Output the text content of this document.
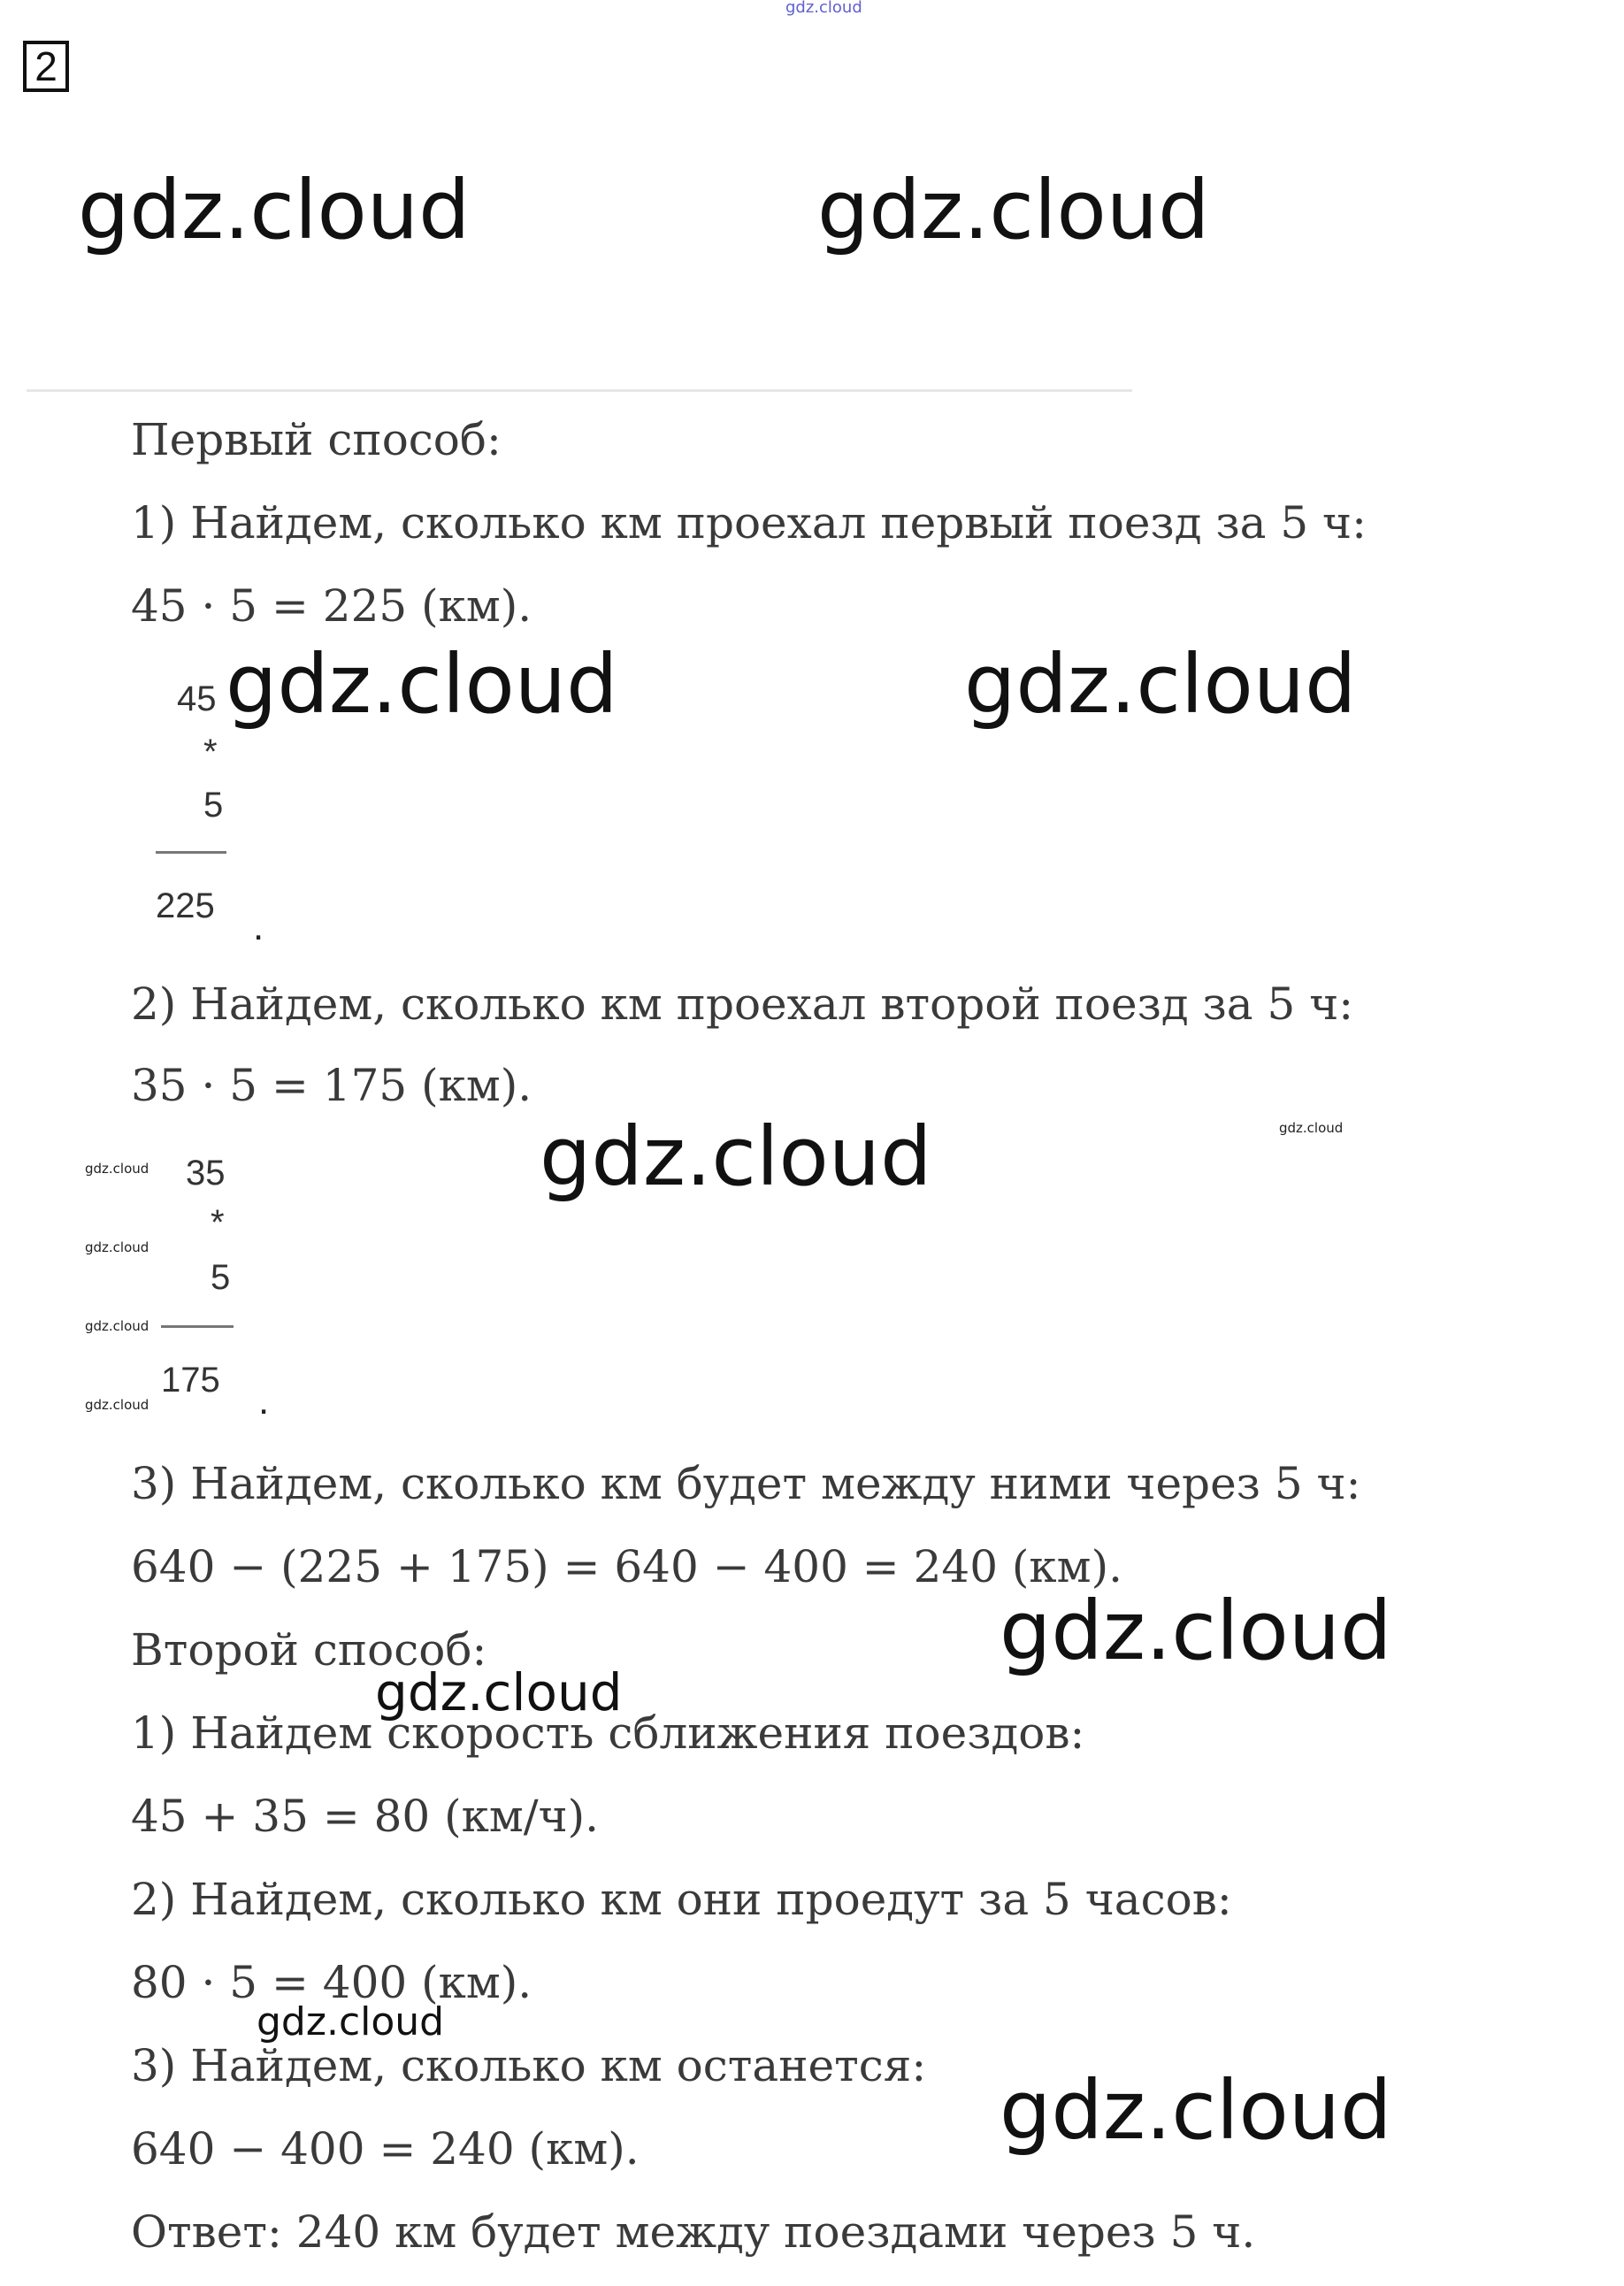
2
gdz.cloud
gdz.cloud	gdz.cloud
gdz.cloud	gdz.cloud
gdz.cloud	gdz.cloud
gdz.cloud
gdz.cloud
gdz.cloud
gdz.cloud
gdz.cloud
gdz.cloud
gdz.cloud
gdz.cloud
Первый способ:
1) Найдем, сколько км проехал первый поезд за 5 ч:
45 · 5 = 225 (км).
45
*
5
225 .
2) Найдем, сколько км проехал второй поезд за 5 ч:
35 · 5 = 175 (км).
35
*
5
175 .
3) Найдем, сколько км будет между ними через 5 ч:
640 − (225 + 175) = 640 − 400 = 240 (км).
Второй способ:
1) Найдем скорость сближения поездов:
45 + 35 = 80 (км/ч).
2) Найдем, сколько км они проедут за 5 часов:
80 · 5 = 400 (км).
3) Найдем, сколько км останется:
640 − 400 = 240 (км).
Ответ: 240 км будет между поездами через 5 ч.
